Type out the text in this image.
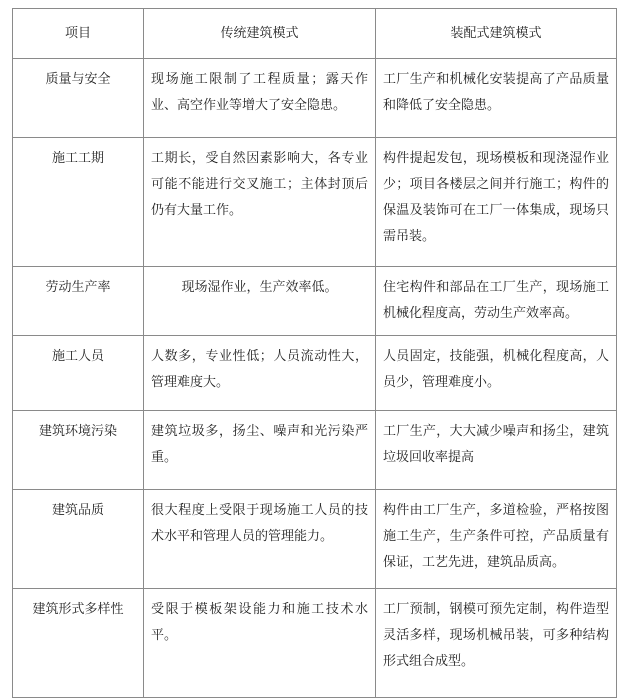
项目	传统建筑模式	装配式建筑模式
质量与安全	现场施工限制了工程质量；露天作业、高空作业等增大了安全隐患。	工厂生产和机械化安装提高了产品质量和降低了安全隐患。
施工工期	工期长，受自然因素影响大，各专业可能不能进行交叉施工；主体封顶后仍有大量工作。	构件提起发包，现场模板和现浇湿作业少；项目各楼层之间并行施工；构件的保温及装饰可在工厂一体集成，现场只需吊装。
劳动生产率	现场湿作业，生产效率低。	住宅构件和部品在工厂生产，现场施工机械化程度高，劳动生产效率高。
施工人员	人数多，专业性低；人员流动性大，管理难度大。	人员固定，技能强，机械化程度高，人员少，管理难度小。
建筑环境污染	建筑垃圾多，扬尘、噪声和光污染严重。	工厂生产，大大减少噪声和扬尘，建筑垃圾回收率提高
建筑品质	很大程度上受限于现场施工人员的技术水平和管理人员的管理能力。	构件由工厂生产，多道检验，严格按图施工生产，生产条件可控，产品质量有保证，工艺先进，建筑品质高。
建筑形式多样性	受限于模板架设能力和施工技术水平。	工厂预制，钢模可预先定制，构件造型灵活多样，现场机械吊装，可多种结构形式组合成型。
